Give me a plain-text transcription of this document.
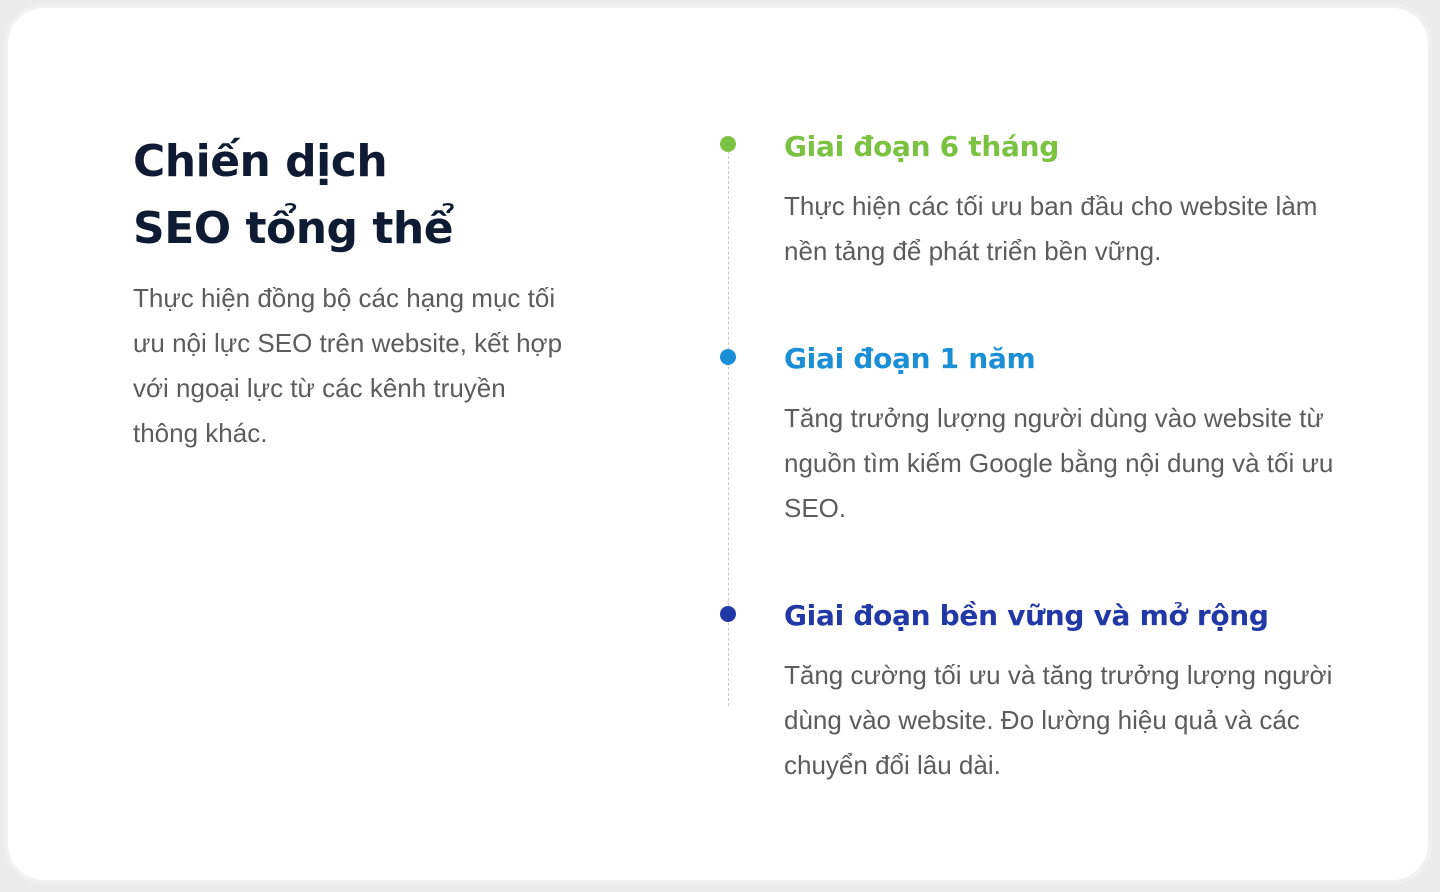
Chiến dịch
SEO tổng thể

Thực hiện đồng bộ các hạng mục tối ưu nội lực SEO trên website, kết hợp với ngoại lực từ các kênh truyền thông khác.

Giai đoạn 6 tháng

Thực hiện các tối ưu ban đầu cho website làm nền tảng để phát triển bền vững.

Giai đoạn 1 năm

Tăng trưởng lượng người dùng vào website từ nguồn tìm kiếm Google bằng nội dung và tối ưu SEO.

Giai đoạn bền vững và mở rộng

Tăng cường tối ưu và tăng trưởng lượng người dùng vào website. Đo lường hiệu quả và các chuyển đổi lâu dài.
